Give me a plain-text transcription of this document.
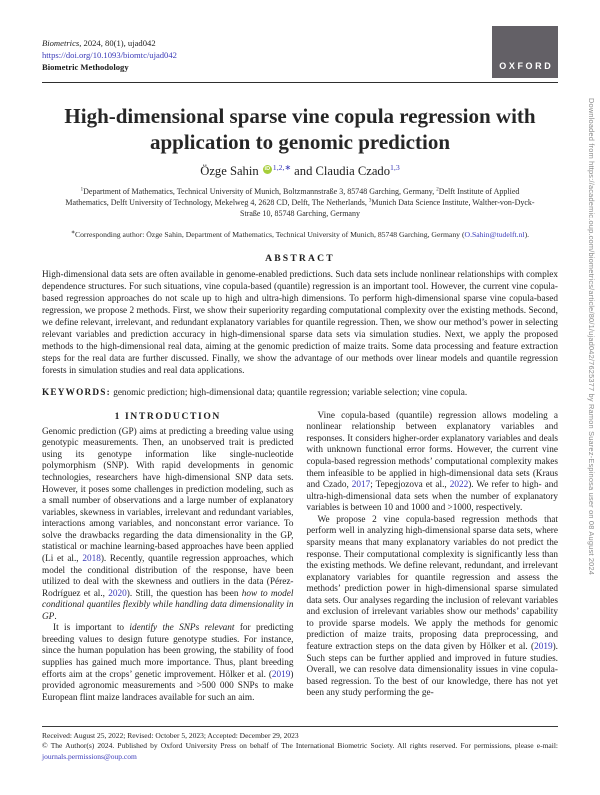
Biometrics, 2024, 80(1), ujad042
https://doi.org/10.1093/biomtc/ujad042
Biometric Methodology	OXFORD
High-dimensional sparse vine copula regression with application to genomic prediction
Özge Sahin iD $^{1,2,∗}$ and Claudia Czado$^{1,3}$
$^1$Department of Mathematics, Technical University of Munich, Boltzmannstraße 3, 85748 Garching, Germany, $^2$Delft Institute of Applied Mathematics, Delft University of Technology, Mekelweg 4, 2628 CD, Delft, The Netherlands, $^3$Munich Data Science Institute, Walther-von-Dyck-Straße 10, 85748 Garching, Germany
∗Corresponding author: Özge Sahin, Department of Mathematics, Technical University of Munich, 85748 Garching, Germany (O.Sahin@tudelft.nl).
ABSTRACT

High-dimensional data sets are often available in genome-enabled predictions. Such data sets include nonlinear relationships with complex dependence structures. For such situations, vine copula-based (quantile) regression is an important tool. However, the current vine copula-based regression approaches do not scale up to high and ultra-high dimensions. To perform high-dimensional sparse vine copula-based regression, we propose 2 methods. First, we show their superiority regarding computational complexity over the existing methods. Second, we define relevant, irrelevant, and redundant explanatory variables for quantile regression. Then, we show our method’s power in selecting relevant variables and prediction accuracy in high-dimensional sparse data sets via simulation studies. Next, we apply the proposed methods to the high-dimensional real data, aiming at the genomic prediction of maize traits. Some data processing and feature extraction steps for the real data are further discussed. Finally, we show the advantage of our methods over linear models and quantile regression forests in simulation studies and real data applications.

KEYWORDS: genomic prediction; high-dimensional data; quantile regression; variable selection; vine copula.
1 INTRODUCTION

Genomic prediction (GP) aims at predicting a breeding value using genotypic measurements. Then, an unobserved trait is predicted using its genotype information like single-nucleotide polymorphism (SNP). With rapid developments in genomic technologies, researchers have high-dimensional SNP data sets. However, it poses some challenges in prediction modeling, such as a small number of observations and a large number of explanatory variables, skewness in variables, irrelevant and redundant variables, interactions among variables, and nonconstant error variance. To solve the drawbacks regarding the data dimensionality in the GP, statistical or machine learning-based approaches have been applied (Li et al., 2018). Recently, quantile regression approaches, which model the conditional distribution of the response, have been utilized to deal with the skewness and outliers in the data (Pérez-Rodríguez et al., 2020). Still, the question has been how to model conditional quantiles flexibly while handling data dimensionality in GP.

It is important to identify the SNPs relevant for predicting breeding values to design future genotype studies. For instance, since the human population has been growing, the stability of food supplies has gained much more importance. Thus, plant breeding efforts aim at the crops’ genetic improvement. Hölker et al. (2019) provided agronomic measurements and >500 000 SNPs to make European flint maize landraces available for such an aim.

Vine copula-based (quantile) regression allows modeling a nonlinear relationship between explanatory variables and responses. It considers higher-order explanatory variables and deals with unknown functional error forms. However, the current vine copula-based regression methods’ computational complexity makes them infeasible to be applied in high-dimensional data sets (Kraus and Czado, 2017; Tepegjozova et al., 2022). We refer to high- and ultra-high-dimensional data sets when the number of explanatory variables is between 10 and 1000 and >1000, respectively.

We propose 2 vine copula-based regression methods that perform well in analyzing high-dimensional sparse data sets, where sparsity means that many explanatory variables do not predict the response. Their computational complexity is significantly less than the existing methods. We define relevant, redundant, and irrelevant explanatory variables for quantile regression and assess the methods’ prediction power in high-dimensional sparse simulated data sets. Our analyses regarding the inclusion of relevant variables and exclusion of irrelevant variables show our methods’ capability to provide sparse models. We apply the methods for genomic prediction of maize traits, proposing data preprocessing, and feature extraction steps on the data given by Hölker et al. (2019). Such steps can be further applied and improved in future studies. Overall, we can resolve data dimensionality issues in vine copula-based regression. To the best of our knowledge, there has not yet been any study performing the ge-

Received: August 25, 2022; Revised: October 5, 2023; Accepted: December 29, 2023
© The Author(s) 2024. Published by Oxford University Press on behalf of The International Biometric Society. All rights reserved. For permissions, please e-mail: journals.permissions@oup.com
Downloaded from https://academic.oup.com/biometrics/article/80/1/ujad042/7625377 by Ramon Suarez-Espinosa user on 08 August 2024
